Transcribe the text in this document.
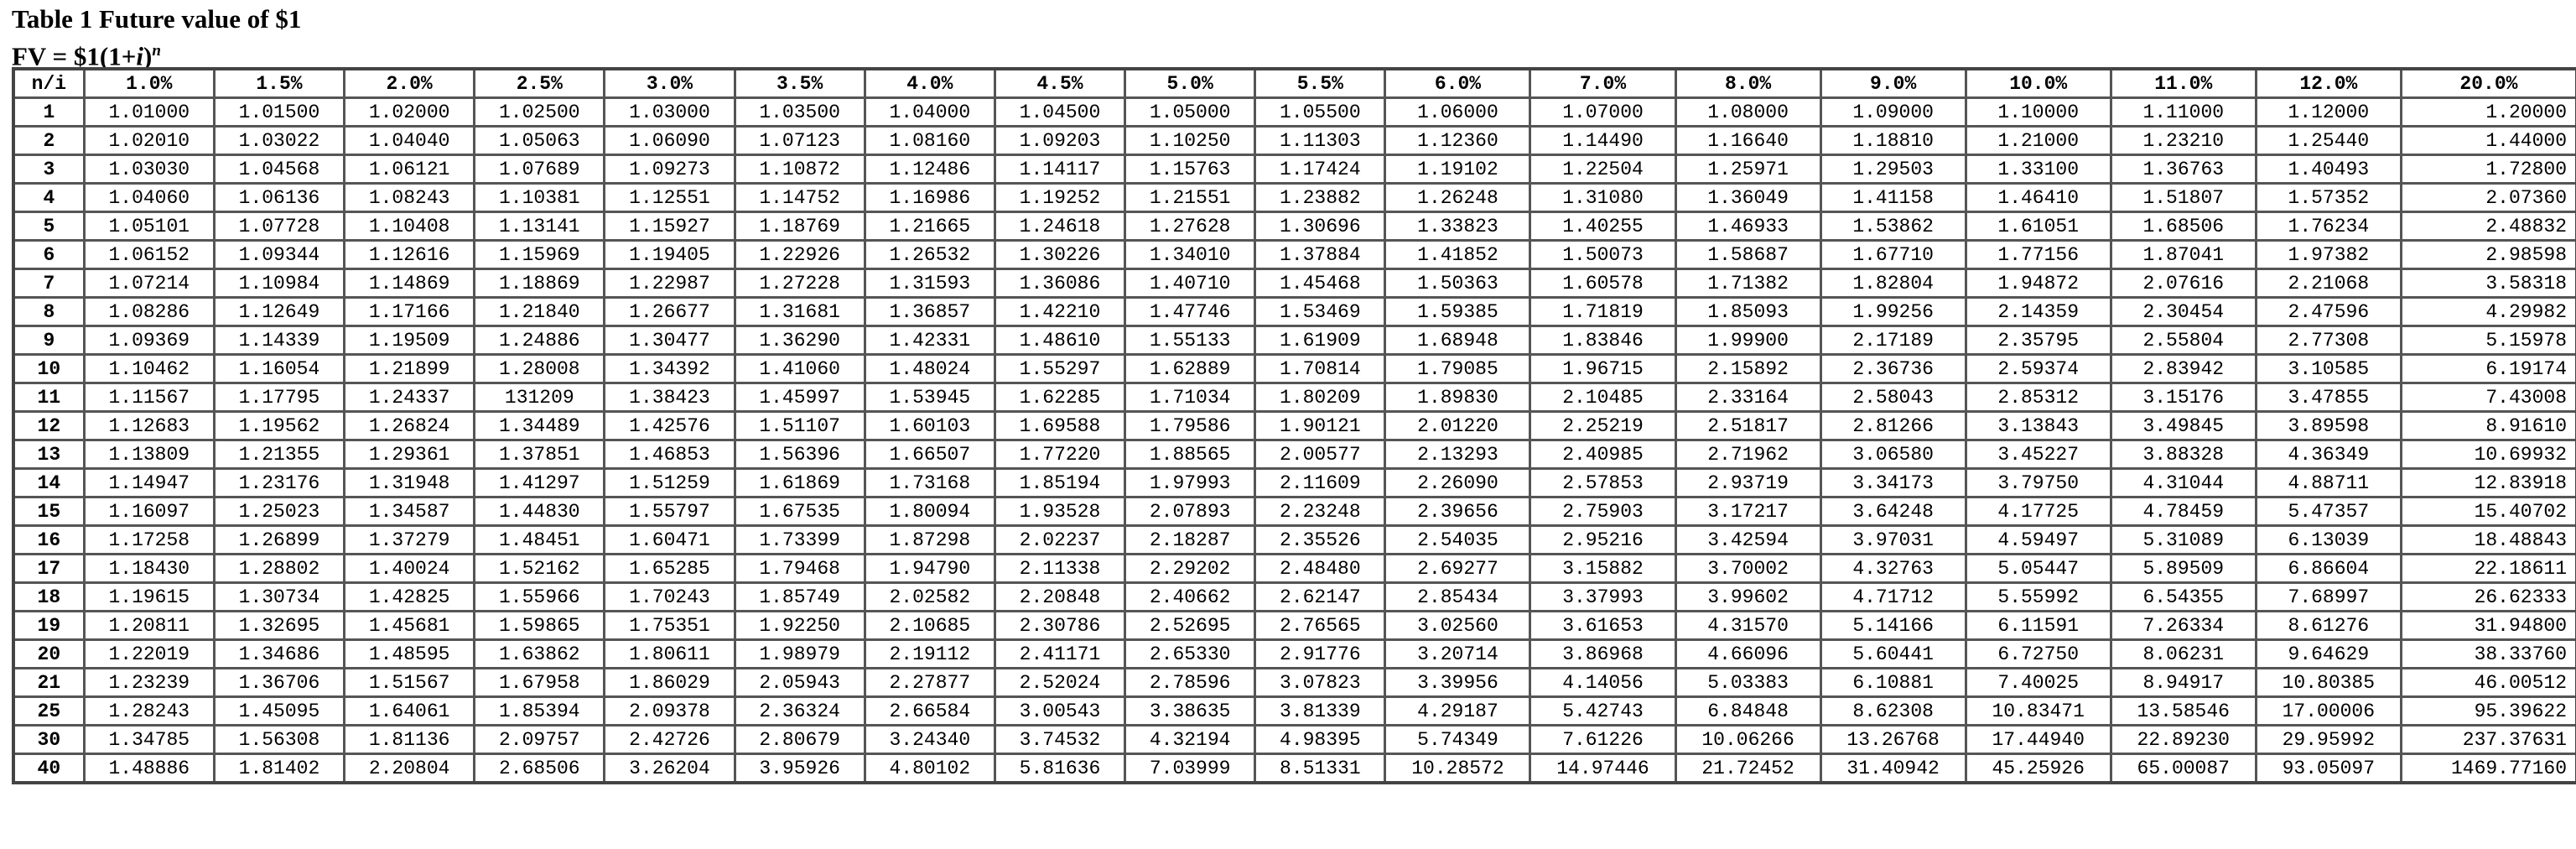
Table 1 Future value of $1
FV = $\$1(1+i)^n$
n/i	1.0%	1.5%	2.0%	2.5%	3.0%	3.5%	4.0%	4.5%	5.0%	5.5%	6.0%	7.0%	8.0%	9.0%	10.0%	11.0%	12.0%	20.0%
1	1.01000	1.01500	1.02000	1.02500	1.03000	1.03500	1.04000	1.04500	1.05000	1.05500	1.06000	1.07000	1.08000	1.09000	1.10000	1.11000	1.12000	1.20000
2	1.02010	1.03022	1.04040	1.05063	1.06090	1.07123	1.08160	1.09203	1.10250	1.11303	1.12360	1.14490	1.16640	1.18810	1.21000	1.23210	1.25440	1.44000
3	1.03030	1.04568	1.06121	1.07689	1.09273	1.10872	1.12486	1.14117	1.15763	1.17424	1.19102	1.22504	1.25971	1.29503	1.33100	1.36763	1.40493	1.72800
4	1.04060	1.06136	1.08243	1.10381	1.12551	1.14752	1.16986	1.19252	1.21551	1.23882	1.26248	1.31080	1.36049	1.41158	1.46410	1.51807	1.57352	2.07360
5	1.05101	1.07728	1.10408	1.13141	1.15927	1.18769	1.21665	1.24618	1.27628	1.30696	1.33823	1.40255	1.46933	1.53862	1.61051	1.68506	1.76234	2.48832
6	1.06152	1.09344	1.12616	1.15969	1.19405	1.22926	1.26532	1.30226	1.34010	1.37884	1.41852	1.50073	1.58687	1.67710	1.77156	1.87041	1.97382	2.98598
7	1.07214	1.10984	1.14869	1.18869	1.22987	1.27228	1.31593	1.36086	1.40710	1.45468	1.50363	1.60578	1.71382	1.82804	1.94872	2.07616	2.21068	3.58318
8	1.08286	1.12649	1.17166	1.21840	1.26677	1.31681	1.36857	1.42210	1.47746	1.53469	1.59385	1.71819	1.85093	1.99256	2.14359	2.30454	2.47596	4.29982
9	1.09369	1.14339	1.19509	1.24886	1.30477	1.36290	1.42331	1.48610	1.55133	1.61909	1.68948	1.83846	1.99900	2.17189	2.35795	2.55804	2.77308	5.15978
10	1.10462	1.16054	1.21899	1.28008	1.34392	1.41060	1.48024	1.55297	1.62889	1.70814	1.79085	1.96715	2.15892	2.36736	2.59374	2.83942	3.10585	6.19174
11	1.11567	1.17795	1.24337	131209	1.38423	1.45997	1.53945	1.62285	1.71034	1.80209	1.89830	2.10485	2.33164	2.58043	2.85312	3.15176	3.47855	7.43008
12	1.12683	1.19562	1.26824	1.34489	1.42576	1.51107	1.60103	1.69588	1.79586	1.90121	2.01220	2.25219	2.51817	2.81266	3.13843	3.49845	3.89598	8.91610
13	1.13809	1.21355	1.29361	1.37851	1.46853	1.56396	1.66507	1.77220	1.88565	2.00577	2.13293	2.40985	2.71962	3.06580	3.45227	3.88328	4.36349	10.69932
14	1.14947	1.23176	1.31948	1.41297	1.51259	1.61869	1.73168	1.85194	1.97993	2.11609	2.26090	2.57853	2.93719	3.34173	3.79750	4.31044	4.88711	12.83918
15	1.16097	1.25023	1.34587	1.44830	1.55797	1.67535	1.80094	1.93528	2.07893	2.23248	2.39656	2.75903	3.17217	3.64248	4.17725	4.78459	5.47357	15.40702
16	1.17258	1.26899	1.37279	1.48451	1.60471	1.73399	1.87298	2.02237	2.18287	2.35526	2.54035	2.95216	3.42594	3.97031	4.59497	5.31089	6.13039	18.48843
17	1.18430	1.28802	1.40024	1.52162	1.65285	1.79468	1.94790	2.11338	2.29202	2.48480	2.69277	3.15882	3.70002	4.32763	5.05447	5.89509	6.86604	22.18611
18	1.19615	1.30734	1.42825	1.55966	1.70243	1.85749	2.02582	2.20848	2.40662	2.62147	2.85434	3.37993	3.99602	4.71712	5.55992	6.54355	7.68997	26.62333
19	1.20811	1.32695	1.45681	1.59865	1.75351	1.92250	2.10685	2.30786	2.52695	2.76565	3.02560	3.61653	4.31570	5.14166	6.11591	7.26334	8.61276	31.94800
20	1.22019	1.34686	1.48595	1.63862	1.80611	1.98979	2.19112	2.41171	2.65330	2.91776	3.20714	3.86968	4.66096	5.60441	6.72750	8.06231	9.64629	38.33760
21	1.23239	1.36706	1.51567	1.67958	1.86029	2.05943	2.27877	2.52024	2.78596	3.07823	3.39956	4.14056	5.03383	6.10881	7.40025	8.94917	10.80385	46.00512
25	1.28243	1.45095	1.64061	1.85394	2.09378	2.36324	2.66584	3.00543	3.38635	3.81339	4.29187	5.42743	6.84848	8.62308	10.83471	13.58546	17.00006	95.39622
30	1.34785	1.56308	1.81136	2.09757	2.42726	2.80679	3.24340	3.74532	4.32194	4.98395	5.74349	7.61226	10.06266	13.26768	17.44940	22.89230	29.95992	237.37631
40	1.48886	1.81402	2.20804	2.68506	3.26204	3.95926	4.80102	5.81636	7.03999	8.51331	10.28572	14.97446	21.72452	31.40942	45.25926	65.00087	93.05097	1469.77160
